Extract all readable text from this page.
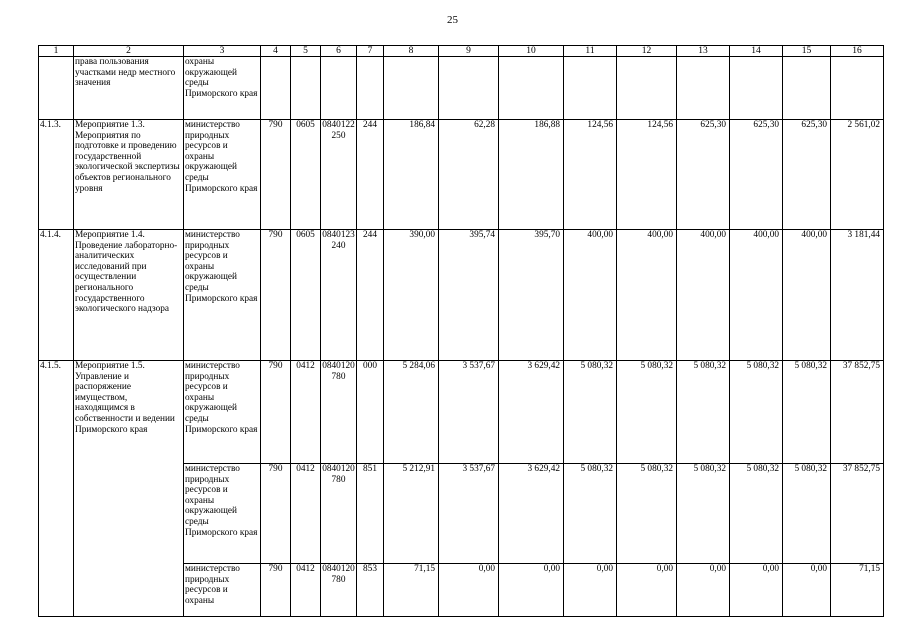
25
1	2	3	4	5	6	7	8	9	10	11	12	13	14	15	16
	права пользования участками недр местного значения	охраны окружающей среды Приморского края													
4.1.3.	Мероприятие 1.3. Мероприятия по подготовке и проведению государственной экологической экспертизы объектов регионального уровня	министерство природных ресурсов и охраны окружающей среды Приморского края	790	0605	0840122250	244	186,84	62,28	186,88	124,56	124,56	625,30	625,30	625,30	2 561,02
4.1.4.	Мероприятие 1.4. Проведение лабораторно-аналитических исследований при осуществлении регионального государственного экологического надзора	министерство природных ресурсов и охраны окружающей среды Приморского края	790	0605	0840123240	244	390,00	395,74	395,70	400,00	400,00	400,00	400,00	400,00	3 181,44
4.1.5.	Мероприятие 1.5. Управление и распоряжение имуществом, находящимся в собственности и ведении Приморского края	министерство природных ресурсов и охраны окружающей среды Приморского края	790	0412	0840120780	000	5 284,06	3 537,67	3 629,42	5 080,32	5 080,32	5 080,32	5 080,32	5 080,32	37 852,75
		министерство природных ресурсов и охраны окружающей среды Приморского края	790	0412	0840120780	851	5 212,91	3 537,67	3 629,42	5 080,32	5 080,32	5 080,32	5 080,32	5 080,32	37 852,75
		министерство природных ресурсов и охраны	790	0412	0840120780	853	71,15	0,00	0,00	0,00	0,00	0,00	0,00	0,00	71,15
